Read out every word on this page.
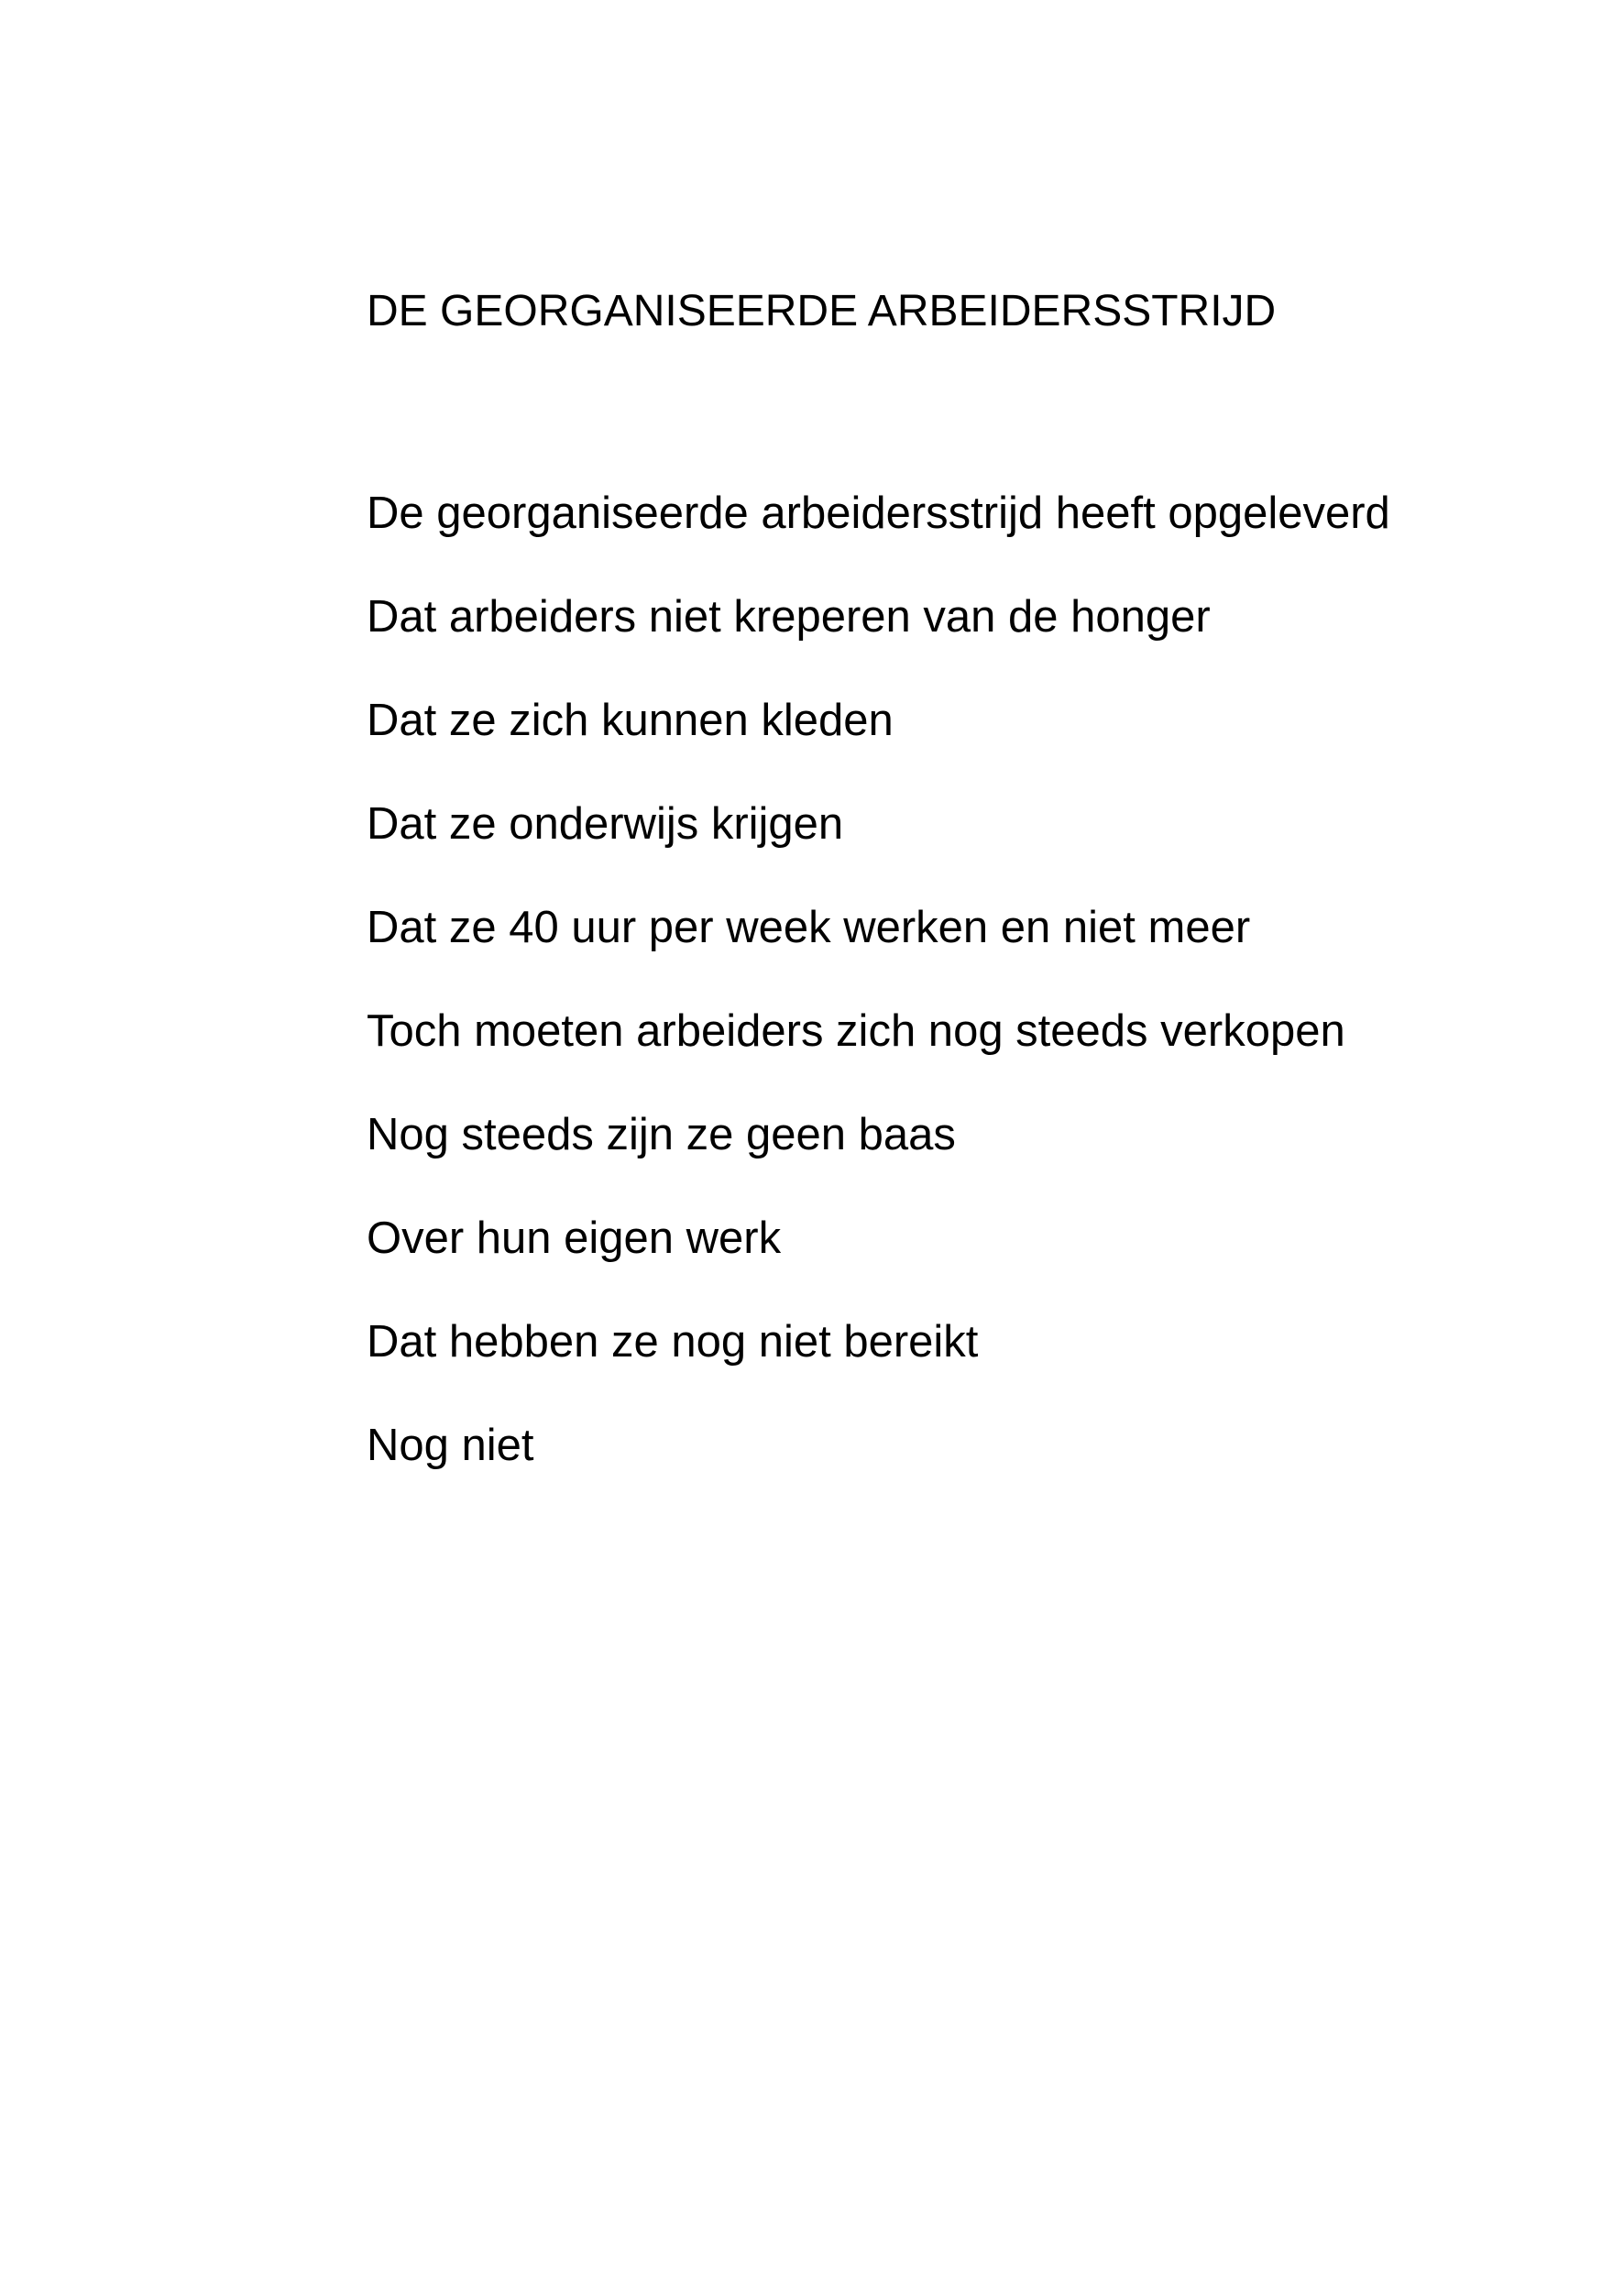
DE GEORGANISEERDE ARBEIDERSSTRIJD
De georganiseerde arbeidersstrijd heeft opgeleverd
Dat arbeiders niet kreperen van de honger
Dat ze zich kunnen kleden
Dat ze onderwijs krijgen
Dat ze 40 uur per week werken en niet meer
Toch moeten arbeiders zich nog steeds verkopen
Nog steeds zijn ze geen baas
Over hun eigen werk
Dat hebben ze nog niet bereikt
Nog niet
